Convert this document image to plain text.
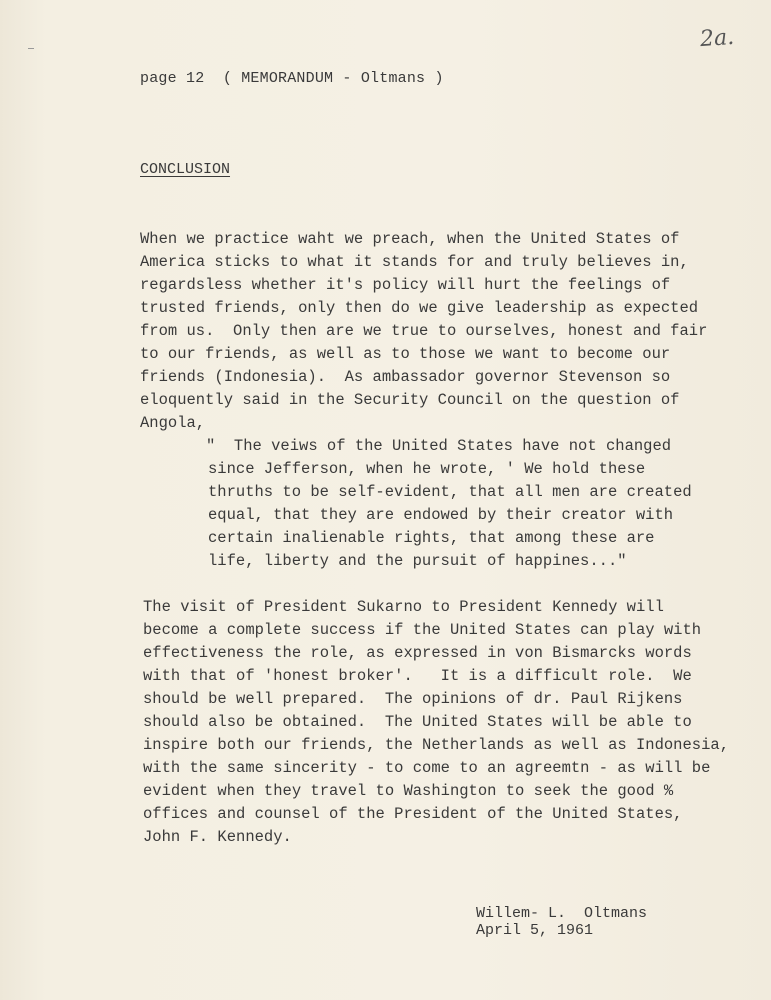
2a.
page 12  ( MEMORANDUM - Oltmans )
CONCLUSION
When we practice waht we preach, when the United States of
America sticks to what it stands for and truly believes in,
regardsless whether it's policy will hurt the feelings of
trusted friends, only then do we give leadership as expected
from us.  Only then are we true to ourselves, honest and fair
to our friends, as well as to those we want to become our
friends (Indonesia).  As ambassador governor Stevenson so
eloquently said in the Security Council on the question of
Angola,
"  The veiws of the United States have not changed
since Jefferson, when he wrote, ' We hold these
thruths to be self-evident, that all men are created
equal, that they are endowed by their creator with
certain inalienable rights, that among these are
life, liberty and the pursuit of happines..."
The visit of President Sukarno to President Kennedy will
become a complete success if the United States can play with
effectiveness the role, as expressed in von Bismarcks words
with that of 'honest broker'.   It is a difficult role.  We
should be well prepared.  The opinions of dr. Paul Rijkens
should also be obtained.  The United States will be able to
inspire both our friends, the Netherlands as well as Indonesia,
with the same sincerity - to come to an agreemtn - as will be
evident when they travel to Washington to seek the good %
offices and counsel of the President of the United States,
John F. Kennedy.
Willem- L.  Oltmans
April 5, 1961
